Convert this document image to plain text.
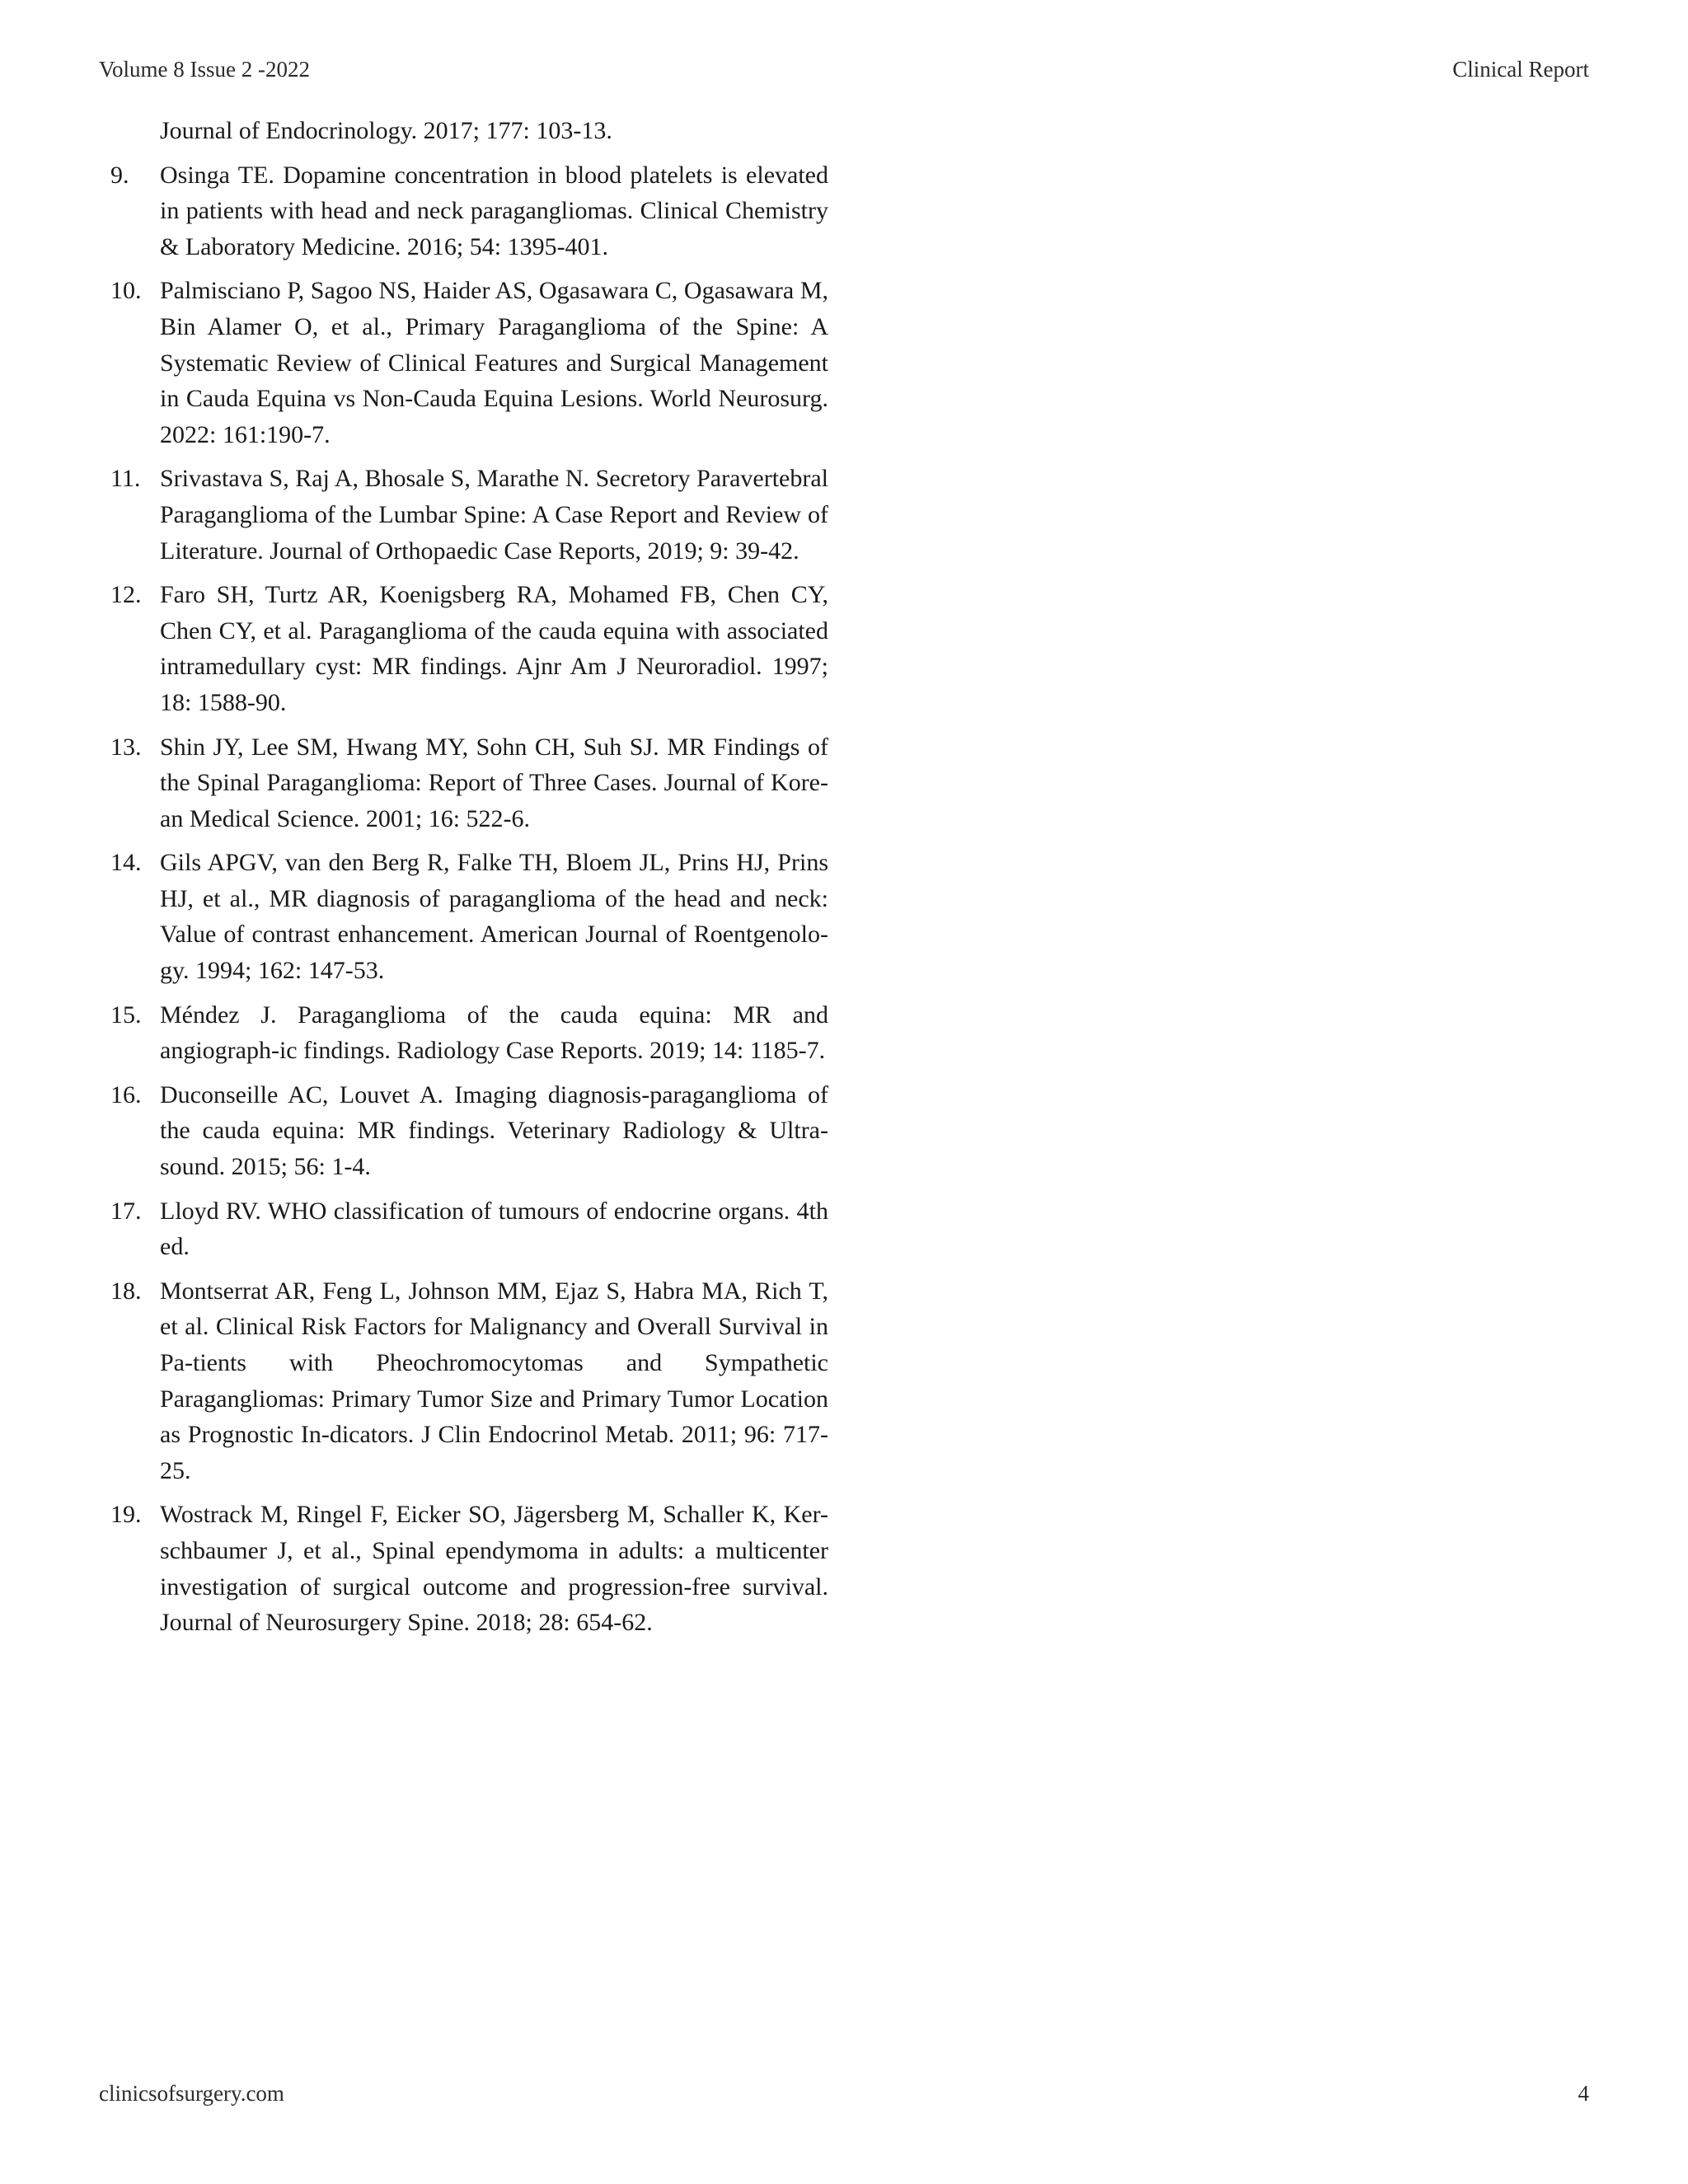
Volume 8 Issue 2 -2022	Clinical Report
Journal of Endocrinology. 2017; 177: 103-13.
9.	Osinga TE. Dopamine concentration in blood platelets is elevated in patients with head and neck paragangliomas. Clinical Chemistry & Laboratory Medicine. 2016; 54: 1395-401.
10. Palmisciano P, Sagoo NS, Haider AS, Ogasawara C, Ogasawara M, Bin Alamer O, et al., Primary Paraganglioma of the Spine: A Systematic Review of Clinical Features and Surgical Management in Cauda Equina vs Non-Cauda Equina Lesions. World Neurosurg. 2022: 161:190-7.
11. Srivastava S, Raj A, Bhosale S, Marathe N. Secretory Paravertebral Paraganglioma of the Lumbar Spine: A Case Report and Review of Literature. Journal of Orthopaedic Case Reports, 2019; 9: 39-42.
12. Faro SH, Turtz AR, Koenigsberg RA, Mohamed FB, Chen CY, Chen CY, et al. Paraganglioma of the cauda equina with associated intramedullary cyst: MR findings. Ajnr Am J Neuroradiol. 1997; 18: 1588-90.
13. Shin JY, Lee SM, Hwang MY, Sohn CH, Suh SJ. MR Findings of the Spinal Paraganglioma: Report of Three Cases. Journal of Kore-an Medical Science. 2001; 16: 522-6.
14. Gils APGV, van den Berg R, Falke TH, Bloem JL, Prins HJ, Prins HJ, et al., MR diagnosis of paraganglioma of the head and neck: Value of contrast enhancement. American Journal of Roentgenolo-gy. 1994; 162: 147-53.
15. Méndez J. Paraganglioma of the cauda equina: MR and angiograph-ic findings. Radiology Case Reports. 2019; 14: 1185-7.
16. Duconseille AC, Louvet A. Imaging diagnosis-paraganglioma of the cauda equina: MR findings. Veterinary Radiology & Ultra-sound. 2015; 56: 1-4.
17. Lloyd RV. WHO classification of tumours of endocrine organs. 4th ed.
18. Montserrat AR, Feng L, Johnson MM, Ejaz S, Habra MA, Rich T, et al. Clinical Risk Factors for Malignancy and Overall Survival in Pa-tients with Pheochromocytomas and Sympathetic Paragangliomas: Primary Tumor Size and Primary Tumor Location as Prognostic In-dicators. J Clin Endocrinol Metab. 2011; 96: 717-25.
19. Wostrack M, Ringel F, Eicker SO, Jägersberg M, Schaller K, Ker-schbaumer J, et al., Spinal ependymoma in adults: a multicenter investigation of surgical outcome and progression-free survival. Journal of Neurosurgery Spine. 2018; 28: 654-62.
clinicsofsurgery.com	4
